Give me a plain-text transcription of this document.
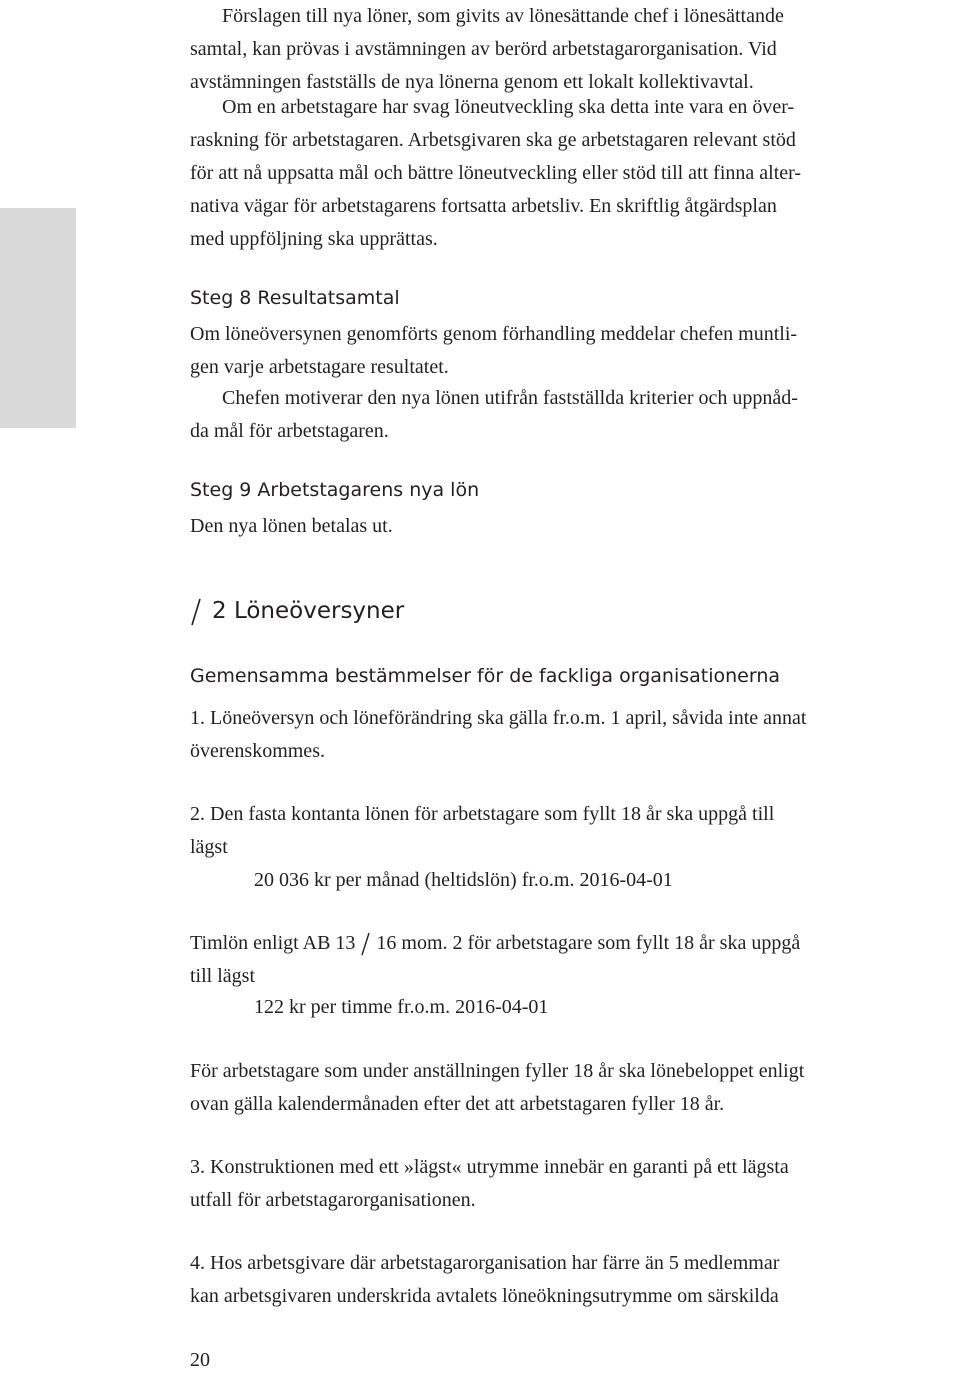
Förslagen till nya löner, som givits av lönesättande chef i lönesättande
samtal, kan prövas i avstämningen av berörd arbetstagarorganisation. Vid
avstämningen fastställs de nya lönerna genom ett lokalt kollektivavtal.
Om en arbetstagare har svag löneutveckling ska detta inte vara en över-
raskning för arbetstagaren. Arbetsgivaren ska ge arbetstagaren relevant stöd
för att nå uppsatta mål och bättre löneutveckling eller stöd till att finna alter-
nativa vägar för arbetstagarens fortsatta arbetsliv. En skriftlig åtgärdsplan
med uppföljning ska upprättas.
Steg 8 Resultatsamtal
Om löneöversynen genomförts genom förhandling meddelar chefen muntli-
gen varje arbetstagare resultatet.
Chefen motiverar den nya lönen utifrån fastställda kriterier och uppnåd-
da mål för arbetstagaren.
Steg 9 Arbetstagarens nya lön
Den nya lönen betalas ut.
2 Löneöversyner
Gemensamma bestämmelser för de fackliga organisationerna
1. Löneöversyn och löneförändring ska gälla fr.o.m. 1 april, såvida inte annat
överenskommes.
2. Den fasta kontanta lönen för arbetstagare som fyllt 18 år ska uppgå till
lägst
20 036 kr per månad (heltidslön) fr.o.m. 2016-04-01
Timlön enligt AB 13 16 mom. 2 för arbetstagare som fyllt 18 år ska uppgå
till lägst
122 kr per timme fr.o.m. 2016-04-01
För arbetstagare som under anställningen fyller 18 år ska lönebeloppet enligt
ovan gälla kalendermånaden efter det att arbetstagaren fyller 18 år.
3. Konstruktionen med ett »lägst« utrymme innebär en garanti på ett lägsta
utfall för arbetstagarorganisationen.
4. Hos arbetsgivare där arbetstagarorganisation har färre än 5 medlemmar
kan arbetsgivaren underskrida avtalets löneökningsutrymme om särskilda
20
